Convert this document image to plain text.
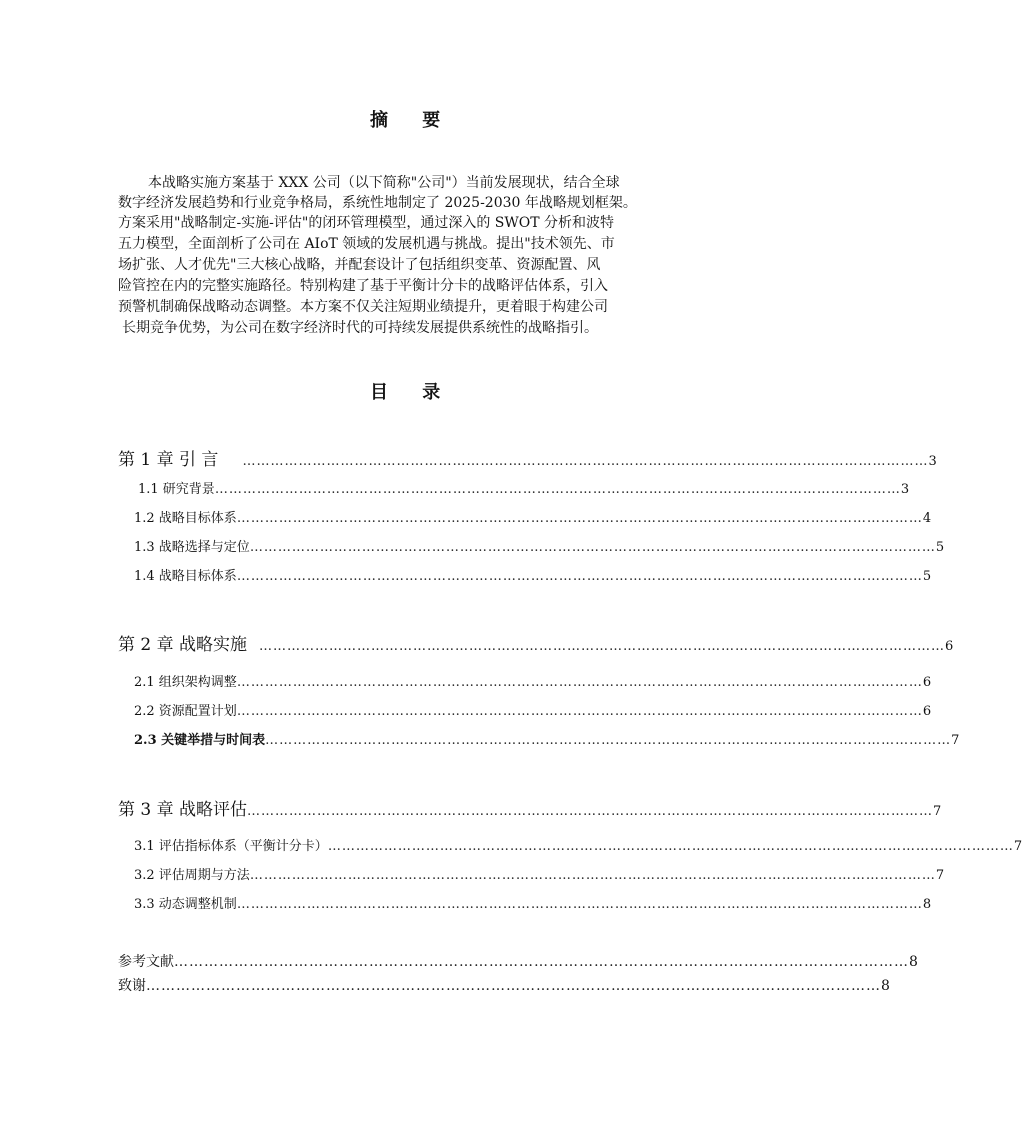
摘 要
本战略实施方案基于 XXX 公司（以下简称"公司"）当前发展现状，结合全球
数字经济发展趋势和行业竞争格局，系统性地制定了 2025-2030 年战略规划框架。
方案采用"战略制定-实施-评估"的闭环管理模型，通过深入的 SWOT 分析和波特
五力模型，全面剖析了公司在 AIoT 领域的发展机遇与挑战。提出"技术领先、市
场扩张、人才优先"三大核心战略，并配套设计了包括组织变革、资源配置、风
险管控在内的完整实施路径。特别构建了基于平衡计分卡的战略评估体系，引入
预警机制确保战略动态调整。本方案不仅关注短期业绩提升，更着眼于构建公司
长期竞争优势，为公司在数字经济时代的可持续发展提供系统性的战略指引。
目 录
第 1 章 引 言 ………………………………………………………………………………………………………………………………… 3
1.1 研究背景 ………………………………………………………………………………………………………………………………… 3
1.2 战略目标体系 ………………………………………………………………………………………………………………………………… 4
1.3 战略选择与定位 ………………………………………………………………………………………………………………………………… 5
1.4 战略目标体系 ………………………………………………………………………………………………………………………………… 5
第 2 章 战略实施 ………………………………………………………………………………………………………………………………… 6
2.1 组织架构调整 ………………………………………………………………………………………………………………………………… 6
2.2 资源配置计划 ………………………………………………………………………………………………………………………………… 6
2.3 关键举措与时间表 ………………………………………………………………………………………………………………………………… 7
第 3 章 战略评估 ………………………………………………………………………………………………………………………………… 7
3.1 评估指标体系（平衡计分卡） ………………………………………………………………………………………………………………………………… 7
3.2 评估周期与方法 ………………………………………………………………………………………………………………………………… 7
3.3 动态调整机制 ………………………………………………………………………………………………………………………………… 8
参考文献 ………………………………………………………………………………………………………………………………… 8
致谢 ………………………………………………………………………………………………………………………………… 8
